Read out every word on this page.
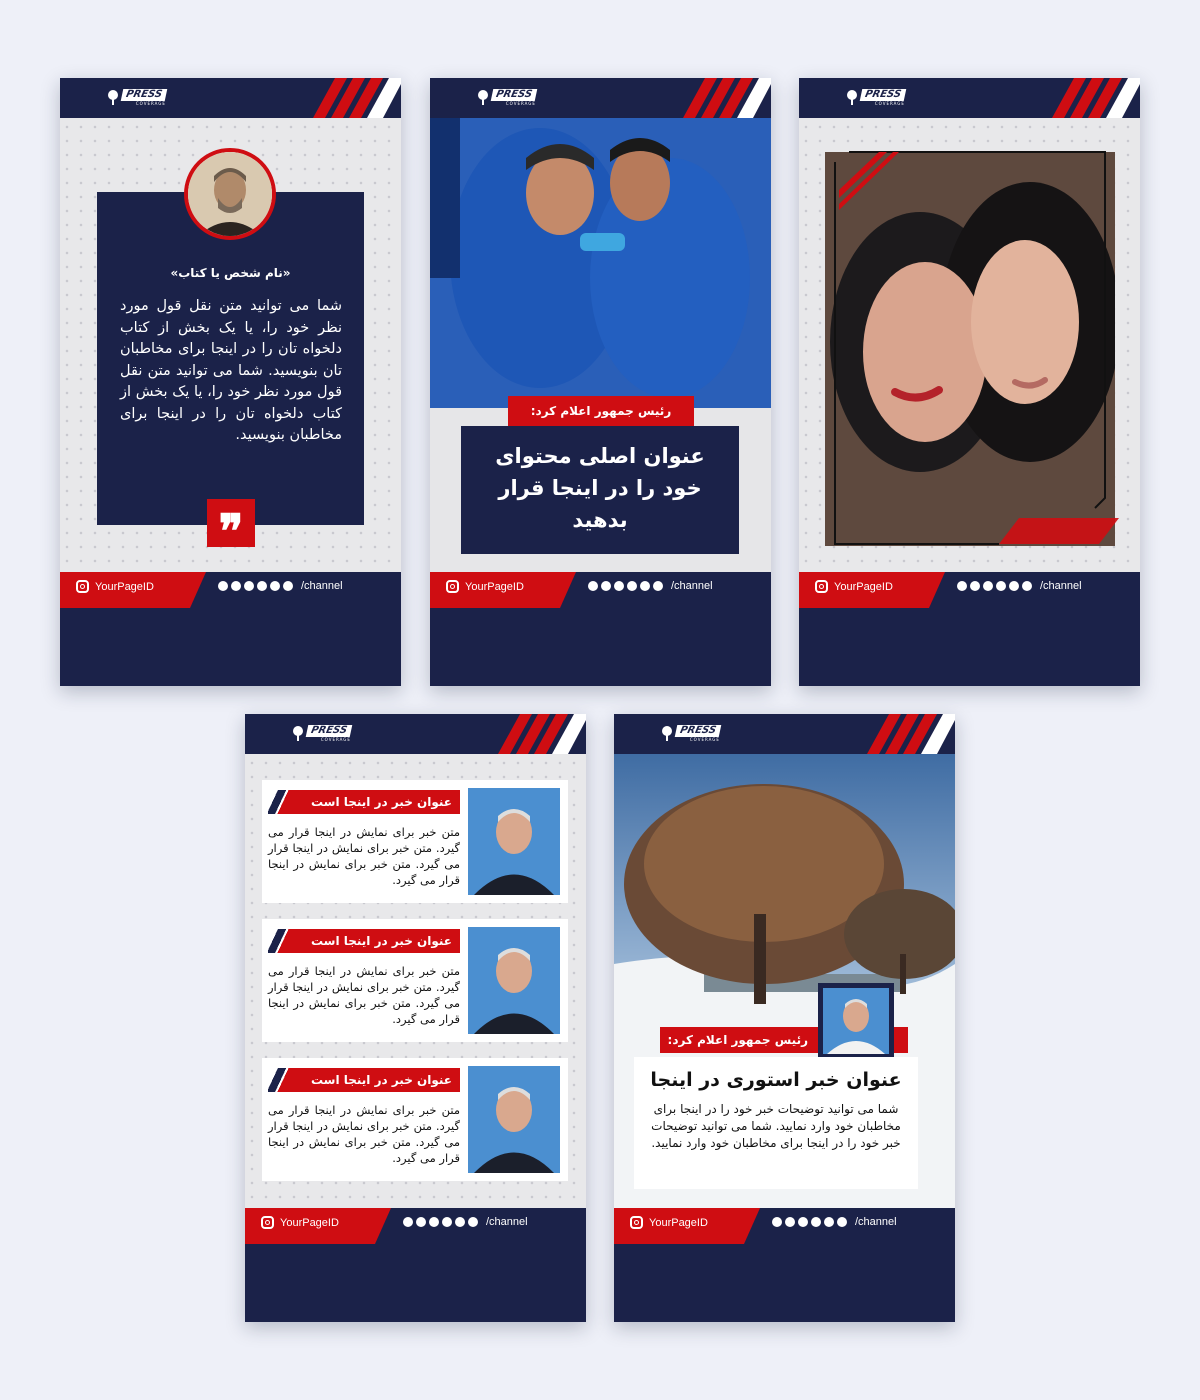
PRESS
COVERAGE
«نام شخص یا کتاب»
شما می توانید متن نقل قول مورد نظر خود را، یا یک بخش از کتاب دلخواه تان را در اینجا برای مخاطبان تان بنویسید. شما می توانید متن نقل قول مورد نظر خود را، یا یک بخش از کتاب دلخواه تان را در اینجا برای مخاطبان بنویسید.
❞
YourPageID	/channel
PRESS
COVERAGE
رئیس جمهور اعلام کرد:
عنوان اصلی محتوای خود را در اینجا قرار بدهید
YourPageID	/channel
PRESS
COVERAGE
YourPageID	/channel
PRESS
COVERAGE
عنوان خبر در اینجا است
متن خبر برای نمایش در اینجا قرار می گیرد. متن خبر برای نمایش در اینجا قرار می گیرد. متن خبر برای نمایش در اینجا قرار می گیرد.
عنوان خبر در اینجا است
متن خبر برای نمایش در اینجا قرار می گیرد. متن خبر برای نمایش در اینجا قرار می گیرد. متن خبر برای نمایش در اینجا قرار می گیرد.
عنوان خبر در اینجا است
متن خبر برای نمایش در اینجا قرار می گیرد. متن خبر برای نمایش در اینجا قرار می گیرد. متن خبر برای نمایش در اینجا قرار می گیرد.
YourPageID	/channel
PRESS
COVERAGE
رئیس جمهور اعلام کرد:
عنوان خبر استوری در اینجا
شما می توانید توضیحات خبر خود را در اینجا برای مخاطبان خود وارد نمایید. شما می توانید توضیحات خبر خود را در اینجا برای مخاطبان خود وارد نمایید.
YourPageID	/channel
